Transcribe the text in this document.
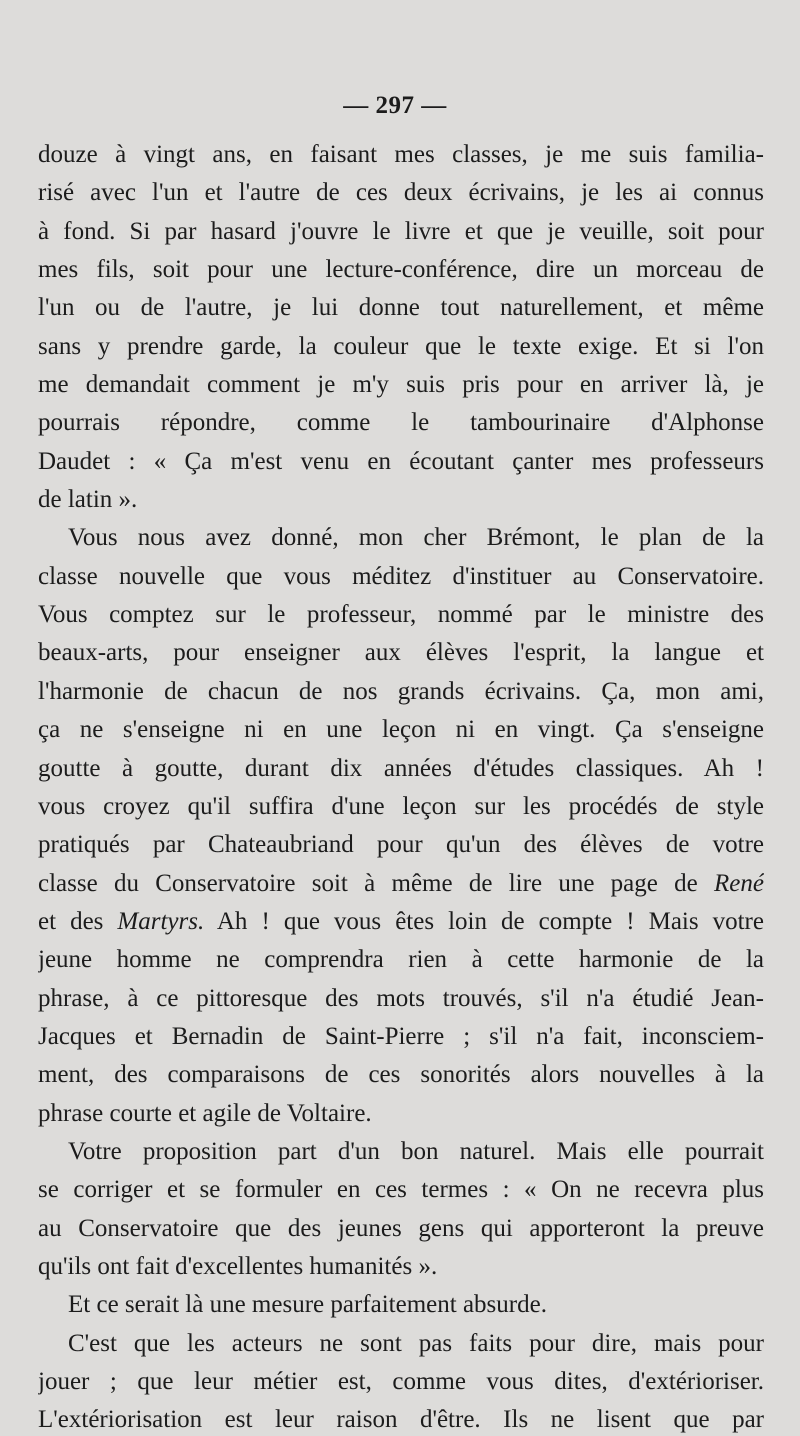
— 297 —
douze à vingt ans, en faisant mes classes, je me suis familia-
risé avec l'un et l'autre de ces deux écrivains, je les ai connus
à fond. Si par hasard j'ouvre le livre et que je veuille, soit pour
mes fils, soit pour une lecture-conférence, dire un morceau de
l'un ou de l'autre, je lui donne tout naturellement, et même
sans y prendre garde, la couleur que le texte exige. Et si l'on
me demandait comment je m'y suis pris pour en arriver là, je
pourrais répondre, comme le tambourinaire d'Alphonse
Daudet : « Ça m'est venu en écoutant çanter mes professeurs
de latin ».
Vous nous avez donné, mon cher Brémont, le plan de la
classe nouvelle que vous méditez d'instituer au Conservatoire.
Vous comptez sur le professeur, nommé par le ministre des
beaux-arts, pour enseigner aux élèves l'esprit, la langue et
l'harmonie de chacun de nos grands écrivains. Ça, mon ami,
ça ne s'enseigne ni en une leçon ni en vingt. Ça s'enseigne
goutte à goutte, durant dix années d'études classiques. Ah !
vous croyez qu'il suffira d'une leçon sur les procédés de style
pratiqués par Chateaubriand pour qu'un des élèves de votre
classe du Conservatoire soit à même de lire une page de René
et des Martyrs. Ah ! que vous êtes loin de compte ! Mais votre
jeune homme ne comprendra rien à cette harmonie de la
phrase, à ce pittoresque des mots trouvés, s'il n'a étudié Jean-
Jacques et Bernadin de Saint-Pierre ; s'il n'a fait, inconsciem-
ment, des comparaisons de ces sonorités alors nouvelles à la
phrase courte et agile de Voltaire.
Votre proposition part d'un bon naturel. Mais elle pourrait
se corriger et se formuler en ces termes : « On ne recevra plus
au Conservatoire que des jeunes gens qui apporteront la preuve
qu'ils ont fait d'excellentes humanités ».
Et ce serait là une mesure parfaitement absurde.
C'est que les acteurs ne sont pas faits pour dire, mais pour
jouer ; que leur métier est, comme vous dites, d'extérioriser.
L'extériorisation est leur raison d'être. Ils ne lisent que par
